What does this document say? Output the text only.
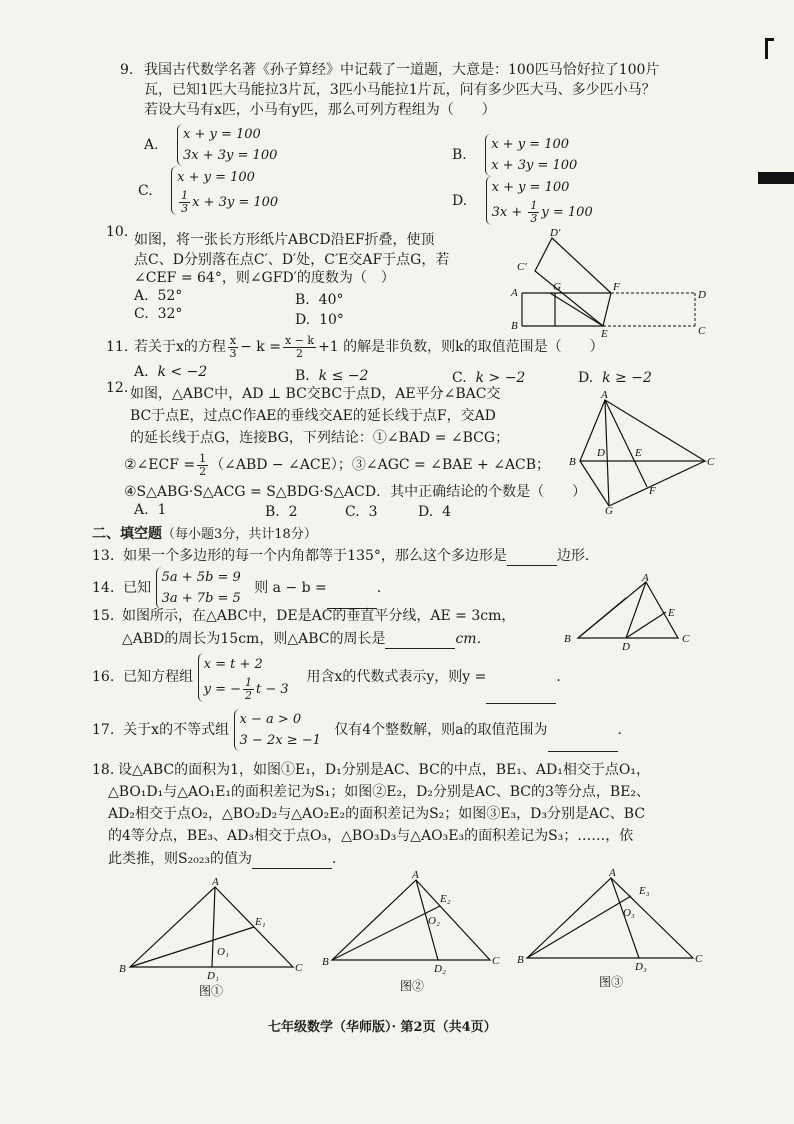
9. 我国古代数学名著《孙子算经》中记载了一道题，大意是：100匹马恰好拉了100片
瓦，已知1匹大马能拉3片瓦，3匹小马能拉1片瓦，问有多少匹大马、多少匹小马？
若设大马有x匹，小马有y匹，那么可列方程组为（　　）
A. x + y = 100
3x + 3y = 100	B. x + y = 100
x + 3y = 100
C. x + y = 100

$\frac{1}{3}$ x + 3y = 100	D. x + y = 100
$3x + \frac{1}{3}$ y = 100
10. 如图，将一张长方形纸片ABCD沿EF折叠，使顶
点C、D分别落在点C′、D′处，C′E交AF于点G，若
∠CEF = 64°，则∠GFD′的度数为（　）
A. 52°	B. 40°
C. 32°	D. 10°
D′
C′
A
B
G	F
E
D
C
11. 若关于x的方程 $\frac{x}{3} - k = \frac{x - k}{2} +1$ 的解是非负数，则k的取值范围是（　　）
A. k < −2	B. k ≤ −2	C. k > −2	D. k ≥ −2
12. 如图，△ABC中，AD ⊥ BC交BC于点D，AE平分∠BAC交
BC于点E，过点C作AE的垂线交AE的延长线于点F，交AD
的延长线于点G，连接BG，下列结论：①∠BAD = ∠BCG；
②∠ECF = $\frac{1}{2}$ （∠ABD − ∠ACE）；③∠AGC = ∠BAE + ∠ACB；
④S△ABG·S△ACG = S△BDG·S△ACD．其中正确结论的个数是（　　）
A. 1	B. 2	C. 3	D. 4
A
B	C
D	E
F
G
二、填空题（每小题3分，共计18分）
13. 如果一个多边形的每一个内角都等于135°，那么这个多边形是	边形．
14. 已知 5a + 5b = 9
3a + 7b = 5   则 a − b =	．
15. 如图所示，在△ABC中，DE是AC的垂直平分线，AE = 3cm，
△ABD的周长为15cm，则△ABC的周长是	cm．
A
B	C
D
E
16. 已知方程组 x = t + 2
y = − $\frac{1}{2}$ t − 3    用含x的代数式表示y，则y =	．
17. 关于x的不等式组 x − a > 0
3 − 2x ≥ −1   仅有4个整数解，则a的取值范围为	．
18. 设△ABC的面积为1，如图①E₁，D₁分别是AC、BC的中点，BE₁、AD₁相交于点O₁，
△BO₁D₁与△AO₁E₁的面积差记为S₁；如图②E₂，D₂分别是AC、BC的3等分点，BE₂、
AD₂相交于点O₂，△BO₂D₂与△AO₂E₂的面积差记为S₂；如图③E₃，D₃分别是AC、BC
的4等分点，BE₃、AD₃相交于点O₃，△BO₃D₃与△AO₃E₃的面积差记为S₃；……，依
此类推，则S₂₀₂₃的值为	．
A
B	C
D₁
E₁
O₁
图①
A
B	C
D₂
E₂
O₂
图②
A
B	C
D₃
E₃
O₃
图③
七年级数学（华师版）· 第2页（共4页）
